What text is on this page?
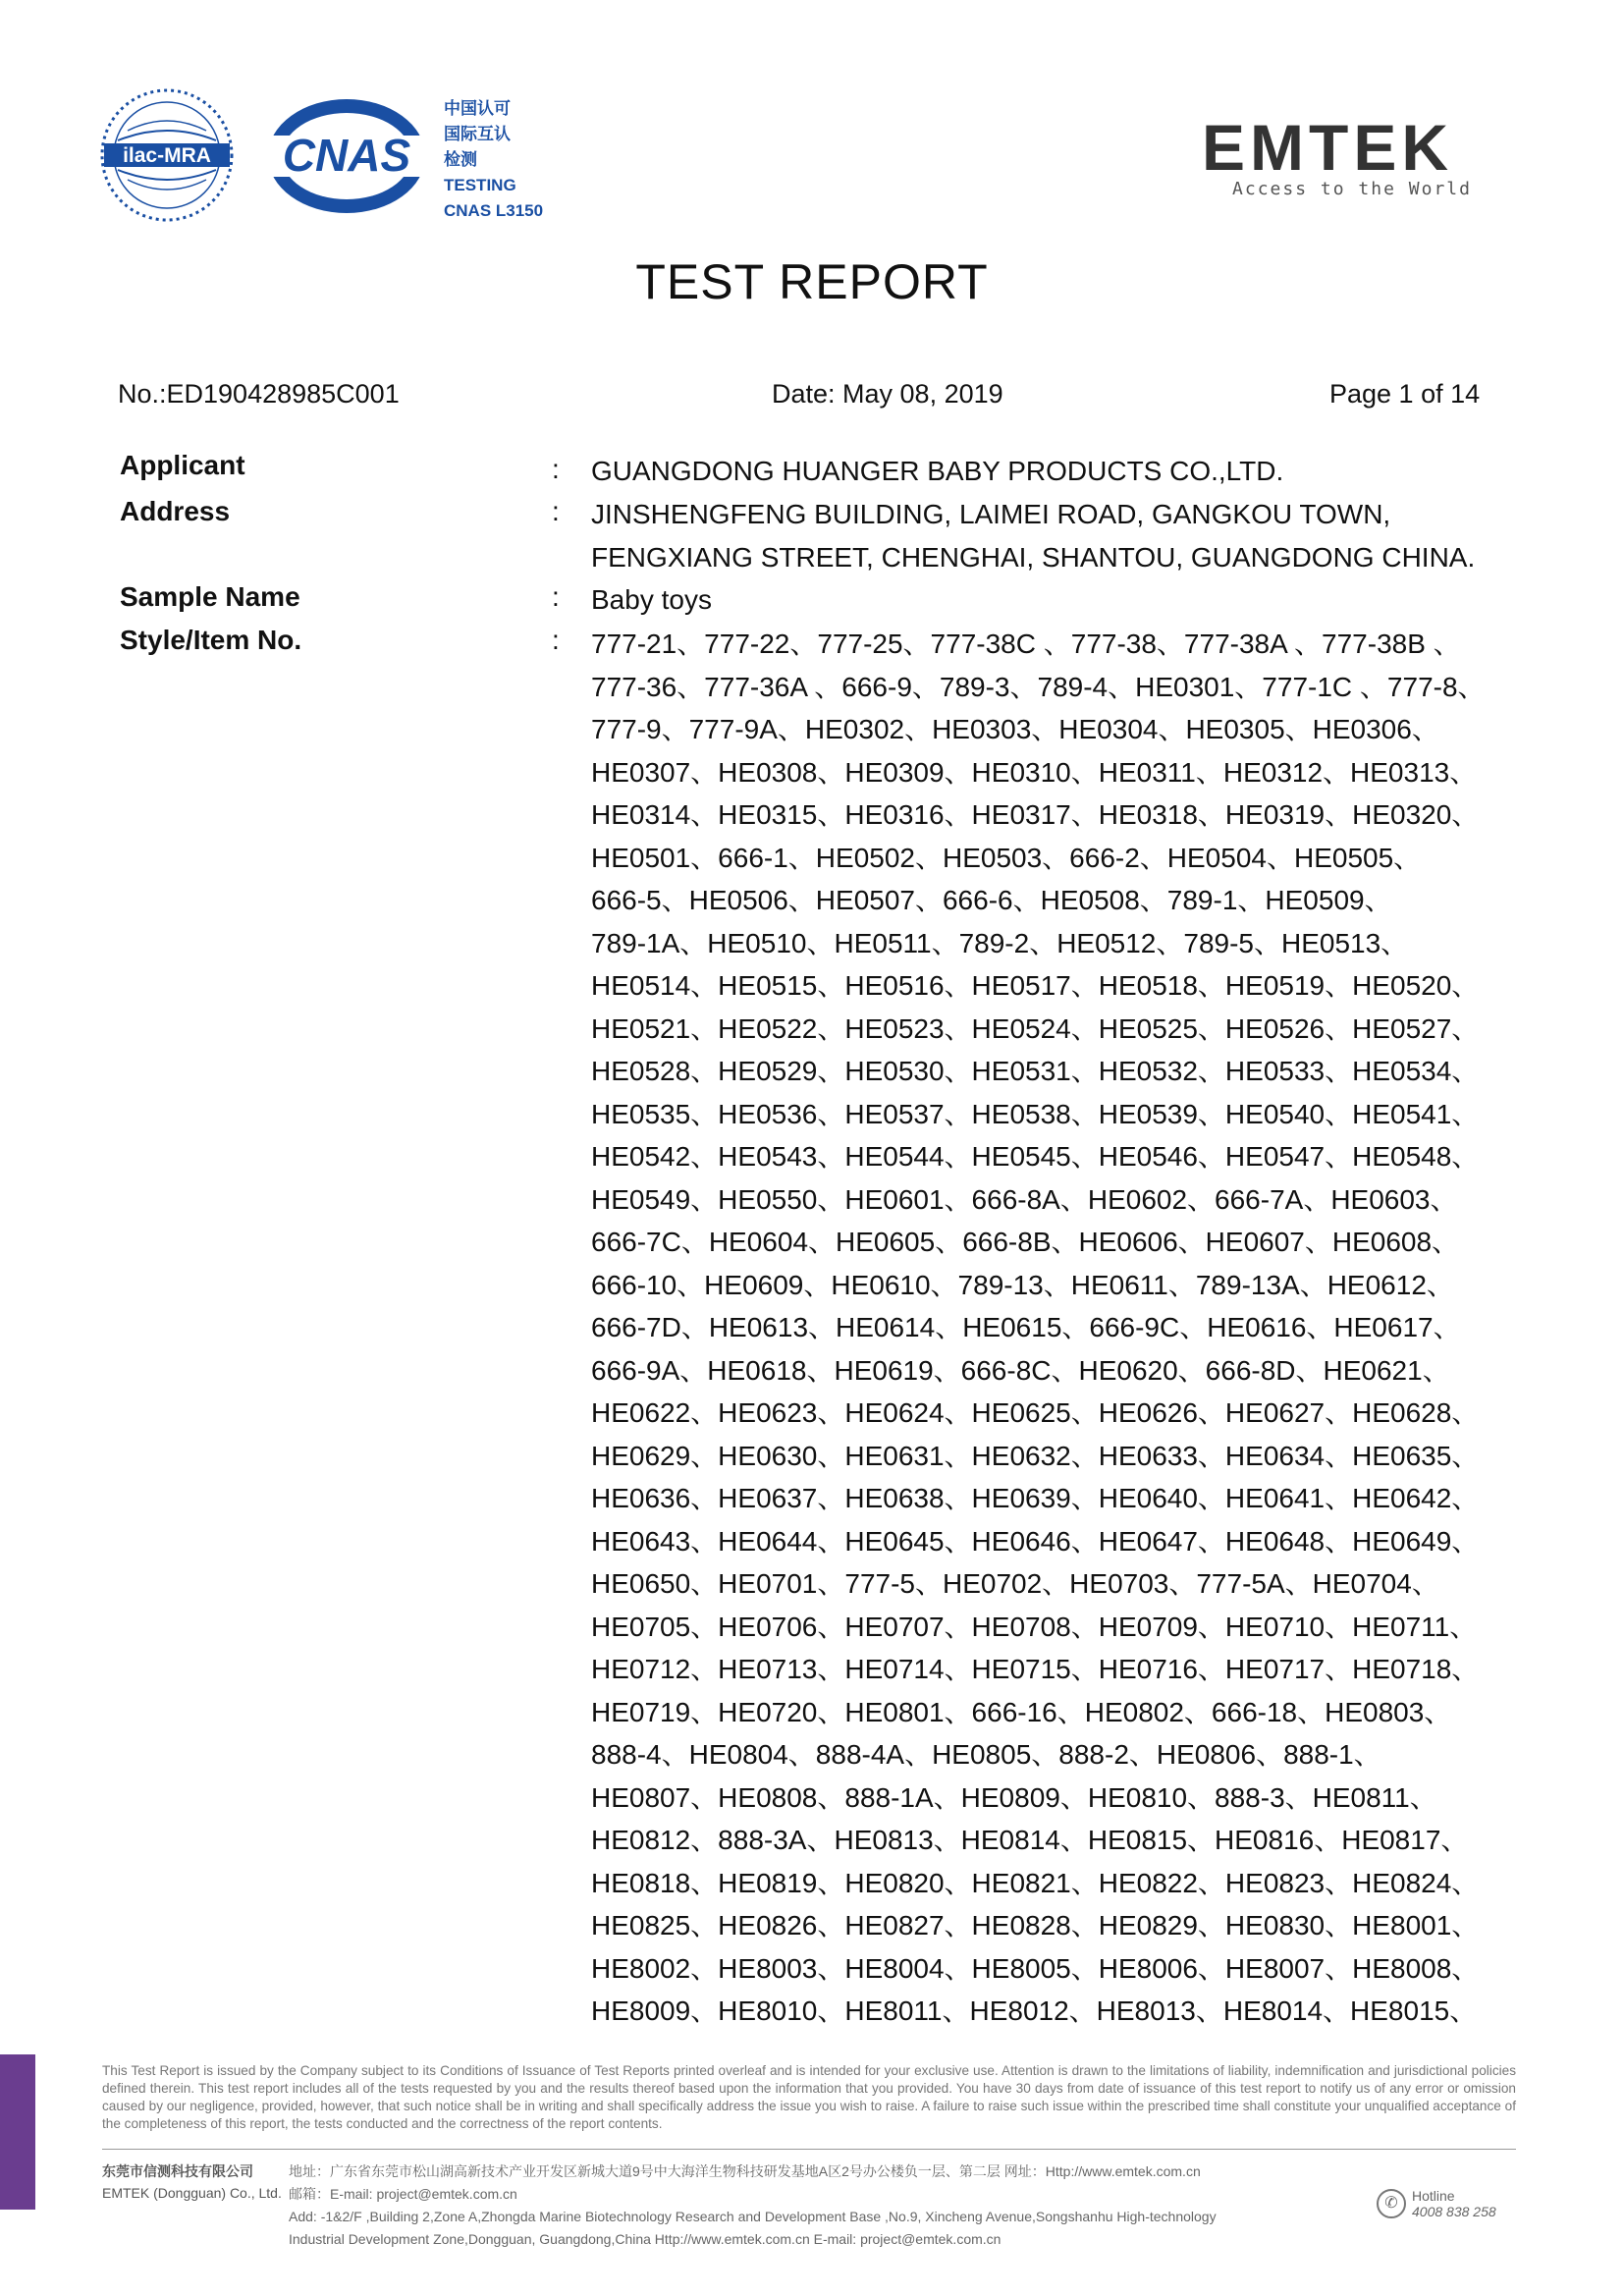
ilac-MRA CNAS
中国认可
国际互认
检测
TESTING
CNAS L3150
EMTEK
Access to the World
TEST REPORT
No.:ED190428985C001	Date: May 08, 2019	Page 1 of 14
Applicant	: GUANGDONG HUANGER BABY PRODUCTS CO.,LTD.
Address	: JINSHENGFENG BUILDING, LAIMEI ROAD, GANGKOU TOWN,
FENGXIANG STREET, CHENGHAI, SHANTOU, GUANGDONG CHINA.
Sample Name	: Baby toys
Style/Item No.	: 777-21、777-22、777-25、777-38C 、777-38、777-38A 、777-38B 、
777-36、777-36A 、666-9、789-3、789-4、HE0301、777-1C 、777-8、
777-9、777-9A、HE0302、HE0303、HE0304、HE0305、HE0306、
HE0307、HE0308、HE0309、HE0310、HE0311、HE0312、HE0313、
HE0314、HE0315、HE0316、HE0317、HE0318、HE0319、HE0320、
HE0501、666-1、HE0502、HE0503、666-2、HE0504、HE0505、
666-5、HE0506、HE0507、666-6、HE0508、789-1、HE0509、
789-1A、HE0510、HE0511、789-2、HE0512、789-5、HE0513、
HE0514、HE0515、HE0516、HE0517、HE0518、HE0519、HE0520、
HE0521、HE0522、HE0523、HE0524、HE0525、HE0526、HE0527、
HE0528、HE0529、HE0530、HE0531、HE0532、HE0533、HE0534、
HE0535、HE0536、HE0537、HE0538、HE0539、HE0540、HE0541、
HE0542、HE0543、HE0544、HE0545、HE0546、HE0547、HE0548、
HE0549、HE0550、HE0601、666-8A、HE0602、666-7A、HE0603、
666-7C、HE0604、HE0605、666-8B、HE0606、HE0607、HE0608、
666-10、HE0609、HE0610、789-13、HE0611、789-13A、HE0612、
666-7D、HE0613、HE0614、HE0615、666-9C、HE0616、HE0617、
666-9A、HE0618、HE0619、666-8C、HE0620、666-8D、HE0621、
HE0622、HE0623、HE0624、HE0625、HE0626、HE0627、HE0628、
HE0629、HE0630、HE0631、HE0632、HE0633、HE0634、HE0635、
HE0636、HE0637、HE0638、HE0639、HE0640、HE0641、HE0642、
HE0643、HE0644、HE0645、HE0646、HE0647、HE0648、HE0649、
HE0650、HE0701、777-5、HE0702、HE0703、777-5A、HE0704、
HE0705、HE0706、HE0707、HE0708、HE0709、HE0710、HE0711、
HE0712、HE0713、HE0714、HE0715、HE0716、HE0717、HE0718、
HE0719、HE0720、HE0801、666-16、HE0802、666-18、HE0803、
888-4、HE0804、888-4A、HE0805、888-2、HE0806、888-1、
HE0807、HE0808、888-1A、HE0809、HE0810、888-3、HE0811、
HE0812、888-3A、HE0813、HE0814、HE0815、HE0816、HE0817、
HE0818、HE0819、HE0820、HE0821、HE0822、HE0823、HE0824、
HE0825、HE0826、HE0827、HE0828、HE0829、HE0830、HE8001、
HE8002、HE8003、HE8004、HE8005、HE8006、HE8007、HE8008、
HE8009、HE8010、HE8011、HE8012、HE8013、HE8014、HE8015、
This Test Report is issued by the Company subject to its Conditions of Issuance of Test Reports printed overleaf and is intended for your exclusive use. Attention is drawn to the limitations of liability, indemnification and jurisdictional policies defined therein. This test report includes all of the tests requested by you and the results thereof based upon the information that you provided. You have 30 days from date of issuance of this test report to notify us of any error or omission caused by our negligence, provided, however, that such notice shall be in writing and shall specifically address the issue you wish to raise. A failure to raise such issue within the prescribed time shall constitute your unqualified acceptance of the completeness of this report, the tests conducted and the correctness of the report contents.
东莞市信测科技有限公司
EMTEK (Dongguan) Co., Ltd.
地址：广东省东莞市松山湖高新技术产业开发区新城大道9号中大海洋生物科技研发基地A区2号办公楼负一层、第二层 网址：Http://www.emtek.com.cn
邮箱：E-mail: project@emtek.com.cn
Add: -1&2/F ,Building 2,Zone A,Zhongda Marine Biotechnology Research and Development Base ,No.9, Xincheng Avenue,Songshanhu High-technology
Industrial Development Zone,Dongguan, Guangdong,China Http://www.emtek.com.cn E-mail: project@emtek.com.cn
✆ Hotline
4008 838 258
